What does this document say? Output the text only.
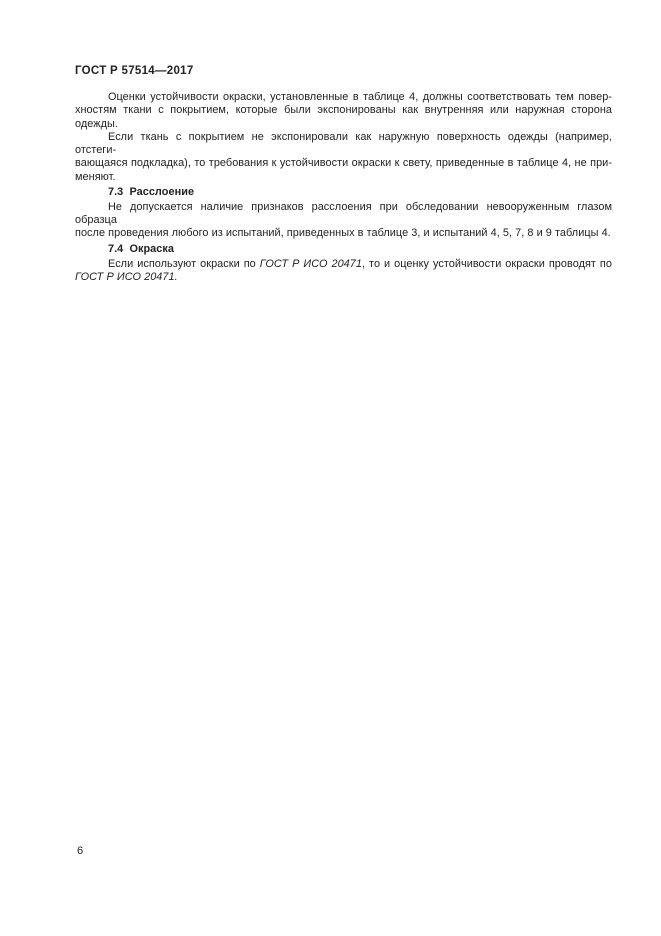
ГОСТ Р 57514—2017
Оценки устойчивости окраски, установленные в таблице 4, должны соответствовать тем повер-
хностям ткани с покрытием, которые были экспонированы как внутренняя или наружная сторона
одежды.
Если ткань с покрытием не экспонировали как наружную поверхность одежды (например, отстеги-
вающаяся подкладка), то требования к устойчивости окраски к свету, приведенные в таблице 4, не при-
меняют.
7.3  Расслоение
Не допускается наличие признаков расслоения при обследовании невооруженным глазом образца
после проведения любого из испытаний, приведенных в таблице 3, и испытаний 4, 5, 7, 8 и 9 таблицы 4.
7.4  Окраска
Если используют окраски по ГОСТ Р ИСО 20471, то и оценку устойчивости окраски проводят по
ГОСТ Р ИСО 20471.
6
